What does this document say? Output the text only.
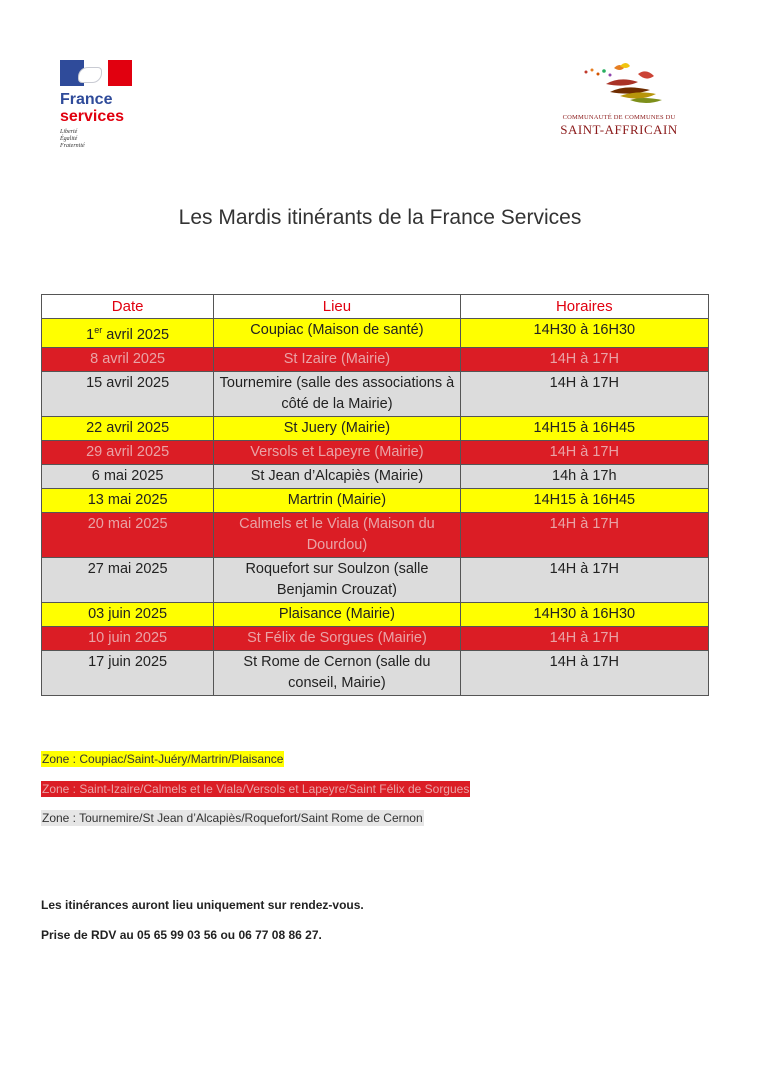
France
services
Liberté
Égalité
Fraternité
COMMUNAUTÉ DE COMMUNES DU
SAINT-AFFRICAIN
Les Mardis itinérants de la France Services
Date	Lieu	Horaires
1er avril 2025	Coupiac (Maison de santé)	14H30 à 16H30
8 avril 2025	St Izaire (Mairie)	14H à 17H
15 avril 2025	Tournemire (salle des associations à côté de la Mairie)	14H à 17H
22 avril 2025	St Juery (Mairie)	14H15 à 16H45
29 avril 2025	Versols et Lapeyre (Mairie)	14H à 17H
6 mai 2025	St Jean d’Alcapiès (Mairie)	14h à 17h
13 mai 2025	Martrin (Mairie)	14H15 à 16H45
20 mai 2025	Calmels et le Viala (Maison du Dourdou)	14H à 17H
27 mai 2025	Roquefort sur Soulzon (salle Benjamin Crouzat)	14H à 17H
03 juin 2025	Plaisance (Mairie)	14H30 à 16H30
10 juin 2025	St Félix de Sorgues (Mairie)	14H à 17H
17 juin 2025	St Rome de Cernon (salle du conseil, Mairie)	14H à 17H
Zone : Coupiac/Saint-Juéry/Martrin/Plaisance
Zone : Saint-Izaire/Calmels et le Viala/Versols et Lapeyre/Saint Félix de Sorgues
Zone : Tournemire/St Jean d’Alcapiès/Roquefort/Saint Rome de Cernon
Les itinérances auront lieu uniquement sur rendez-vous.
Prise de RDV au 05 65 99 03 56 ou 06 77 08 86 27.
